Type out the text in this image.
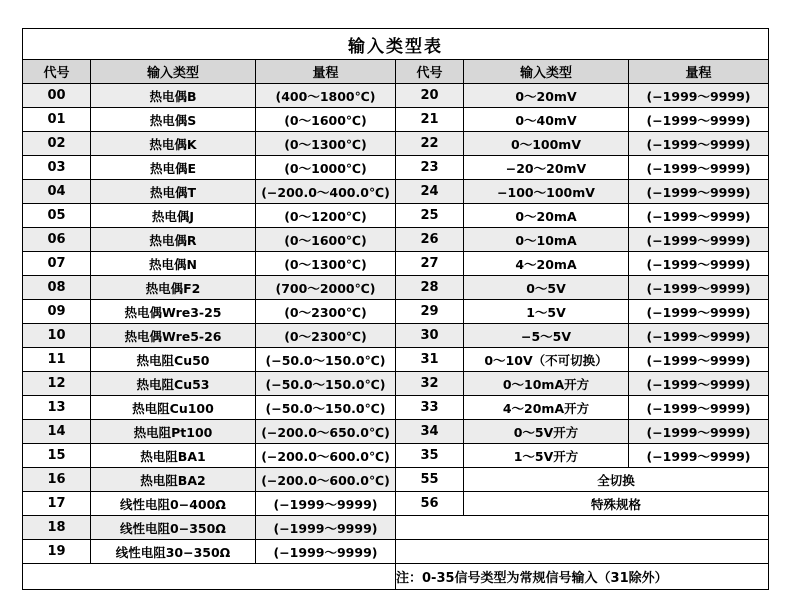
输入类型表					
代号	输入类型	量程	代号	输入类型	量程
00	热电偶B	(400～1800℃)	20	0～20mV	(−1999～9999)
01	热电偶S	(0～1600℃)	21	0～40mV	(−1999～9999)
02	热电偶K	(0～1300℃)	22	0～100mV	(−1999～9999)
03	热电偶E	(0～1000℃)	23	−20～20mV	(−1999～9999)
04	热电偶T	(−200.0～400.0℃)	24	−100～100mV	(−1999～9999)
05	热电偶J	(0～1200℃)	25	0～20mA	(−1999～9999)
06	热电偶R	(0～1600℃)	26	0～10mA	(−1999～9999)
07	热电偶N	(0～1300℃)	27	4～20mA	(−1999～9999)
08	热电偶F2	(700～2000℃)	28	0～5V	(−1999～9999)
09	热电偶Wre3-25	(0～2300℃)	29	1～5V	(−1999～9999)
10	热电偶Wre5-26	(0～2300℃)	30	−5～5V	(−1999～9999)
11	热电阻Cu50	(−50.0～150.0℃)	31	0～10V（不可切换）	(−1999～9999)
12	热电阻Cu53	(−50.0～150.0℃)	32	0～10mA开方	(−1999～9999)
13	热电阻Cu100	(−50.0～150.0℃)	33	4～20mA开方	(−1999～9999)
14	热电阻Pt100	(−200.0～650.0℃)	34	0～5V开方	(−1999～9999)
15	热电阻BA1	(−200.0～600.0℃)	35	1～5V开方	(−1999～9999)
16	热电阻BA2	(−200.0～600.0℃)	55	全切换	
17	线性电阻0−400Ω	(−1999～9999)	56	特殊规格	
18	线性电阻0−350Ω	(−1999～9999)			
19	线性电阻30−350Ω	(−1999～9999)			
			注：0-35信号类型为常规信号输入（31除外）		
